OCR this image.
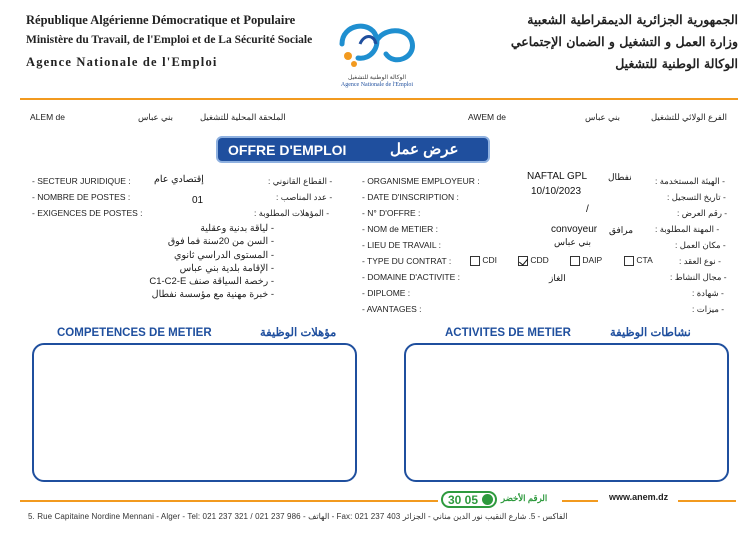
République Algérienne Démocratique et Populaire
Ministère du Travail, de l'Emploi et de La Sécurité Sociale
Agence Nationale de l'Emploi
الجمهورية الجزائرية الديمقراطية الشعبية
وزارة العمل و التشغيل و الضمان الإجتماعي
الوكالة الوطنية للتشغيل
الوكالة الوطنية للتشغيل
Agence Nationale de l'Emploi
ALEM de	بني عباس	الملحقة المحلية للتشغيل	AWEM de	بني عباس	الفرع الولائي للتشغيل
OFFRE D'EMPLOI	عرض عمل
- SECTEUR JURIDIQUE : إقتصادي عام	- القطاع القانوني :
- NOMBRE DE POSTES :	01	- عدد المناصب :
- EXIGENCES DE POSTES :	- المؤهلات المطلوبة :
- لياقة بدنية وعقلية
- السن من 20سنة فما فوق
- المستوى الدراسي ثانوي
- الإقامة بلدية بني عباس
- رخصة السياقة صنف C1-C2-E
- خبرة مهنية مع مؤسسة نفطال
- ORGANISME EMPLOYEUR :	NAFTAL GPL نفطال	- الهيئة المستخدمة :
- DATE D'INSCRIPTION :	10/10/2023	- تاريخ التسجيل :
- N° D'OFFRE :	/	- رقم العرض :
- NOM de METIER :	convoyeur مرافق	- المهنة المطلوبة :
- LIEU DE TRAVAIL :	بني عباس	- مكان العمل :
- TYPE DU CONTRAT :	CDI	CDD	DAIP	CTA	- نوع العقد :
- DOMAINE D'ACTIVITE :	الغاز	- مجال النشاط :
- DIPLOME :	- شهادة :
- AVANTAGES :	- ميزات :
COMPETENCES DE METIER	مؤهلات الوظيفة	ACTIVITES DE METIER	نشاطات الوظيفة
30 05	الرقم الأخضر	www.anem.dz
5. Rue Capitaine Nordine Mennani - Alger - Tel: 021 237 321 / 021 237 986 - الهاتف - Fax: 021 237 403 الفاكس - 5. شارع النقيب نور الدين مناني - الجزائر
